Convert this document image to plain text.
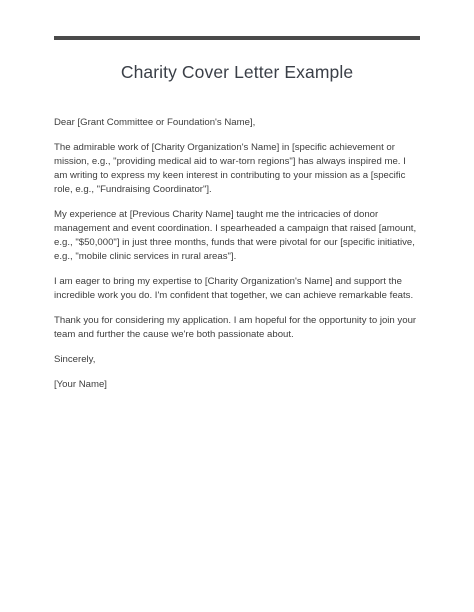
Charity Cover Letter Example

Dear [Grant Committee or Foundation's Name],

The admirable work of [Charity Organization's Name] in [specific achievement or mission, e.g., "providing medical aid to war-torn regions"] has always inspired me. I am writing to express my keen interest in contributing to your mission as a [specific role, e.g., "Fundraising Coordinator"].

My experience at [Previous Charity Name] taught me the intricacies of donor management and event coordination. I spearheaded a campaign that raised [amount, e.g., "$50,000"] in just three months, funds that were pivotal for our [specific initiative, e.g., "mobile clinic services in rural areas"].

I am eager to bring my expertise to [Charity Organization's Name] and support the incredible work you do. I'm confident that together, we can achieve remarkable feats.

Thank you for considering my application. I am hopeful for the opportunity to join your team and further the cause we're both passionate about.

Sincerely,

[Your Name]
